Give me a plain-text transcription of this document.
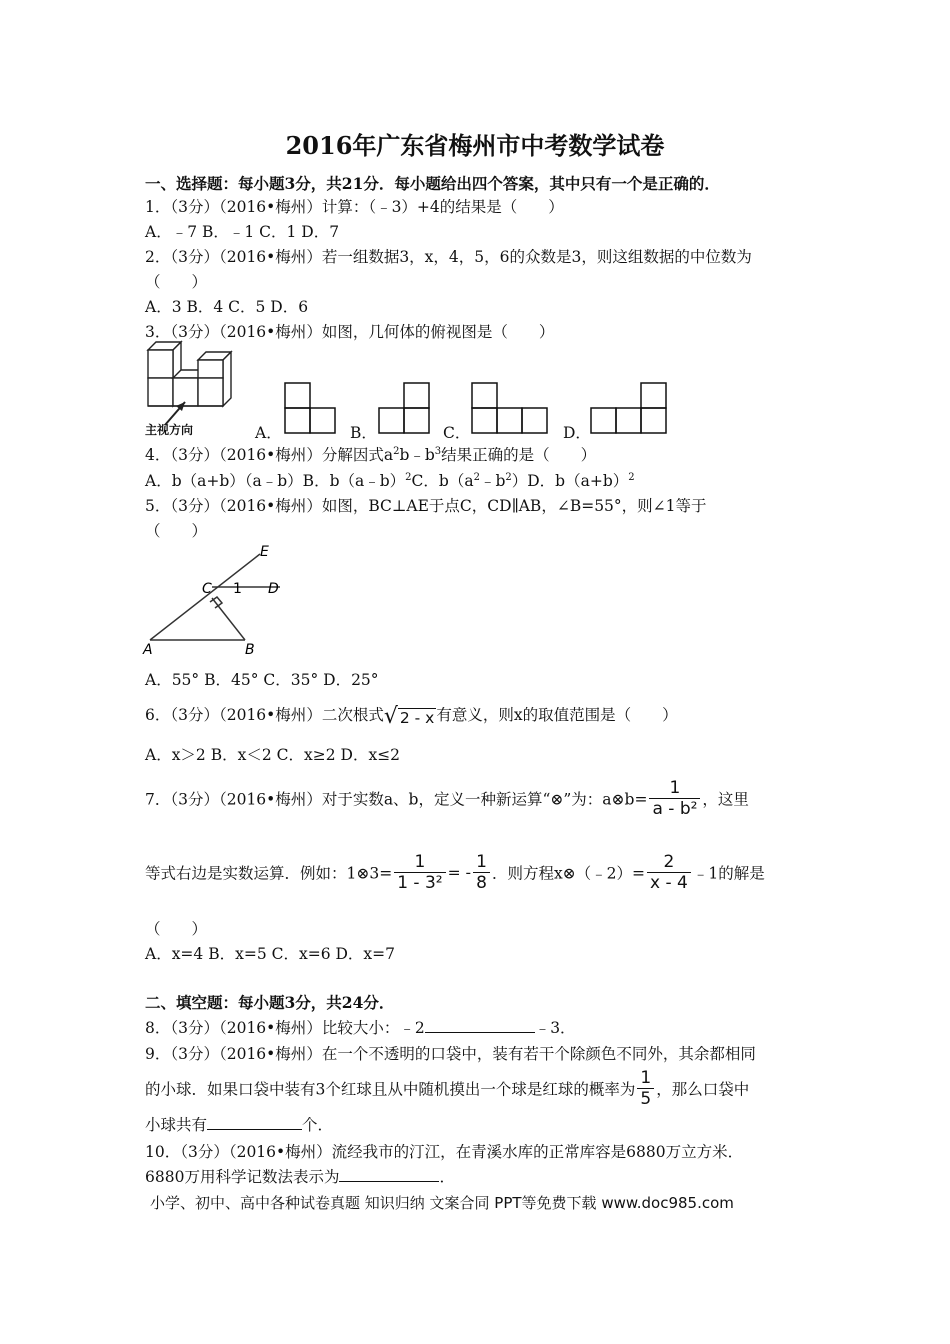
2016年广东省梅州市中考数学试卷
一、选择题：每小题3分，共21分．每小题给出四个答案，其中只有一个是正确的．
1．（3分）（2016•梅州）计算：（﹣3）+4的结果是（　　）
A．﹣7 B．﹣1 C．1 D．7
2．（3分）（2016•梅州）若一组数据3，x，4，5，6的众数是3，则这组数据的中位数为
（　　）
A．3 B．4 C．5 D．6
3．（3分）（2016•梅州）如图，几何体的俯视图是（　　）
主视方向	A．	B．	C．	D．
4．（3分）（2016•梅州）分解因式$a^2b﹣b^3$结果正确的是（　　）
A．b（a+b）（a﹣b）B．b（a﹣b）$^2$C．$b(a^2﹣b^2)D$．$b(a+b)^2$
5．（3分）（2016•梅州）如图，BC⊥AE于点C，CD∥AB，∠B=55°，则∠1等于
（　　）
E
C 1 D
A	B
A．55° B．45° C．35° D．25°
6．（3分）（2016•梅州）二次根式√ 2 - x 有意义，则x的取值范围是（　　）
A．x＞2 B．x＜2 C．x≥2 D．x≤2
7．（3分）（2016•梅州）对于实数a、b，定义一种新运算“⊗”为：a⊗b= $\frac{1}{\text{a - b²}}$ ，这里
等式右边是实数运算．例如：1⊗3= $\frac{1}{\text{1 - 3²}}$ = - $\frac{1}{8}$ ．则方程x⊗（﹣2）= $\frac{2}{x - 4}$ ﹣1的解是
（　　）
A．x=4 B．x=5 C．x=6 D．x=7
二、填空题：每小题3分，共24分．
8．（3分）（2016•梅州）比较大小：﹣2	﹣3．
9．（3分）（2016•梅州）在一个不透明的口袋中，装有若干个除颜色不同外，其余都相同
的小球．如果口袋中装有3个红球且从中随机摸出一个球是红球的概率为 $\frac{1}{5}$ ，那么口袋中
小球共有	个．
10．（3分）（2016•梅州）流经我市的汀江，在青溪水库的正常库容是6880万立方米．
6880万用科学记数法表示为	．
小学、初中、高中各种试卷真题 知识归纳 文案合同 PPT等免费下载 www.doc985.com
